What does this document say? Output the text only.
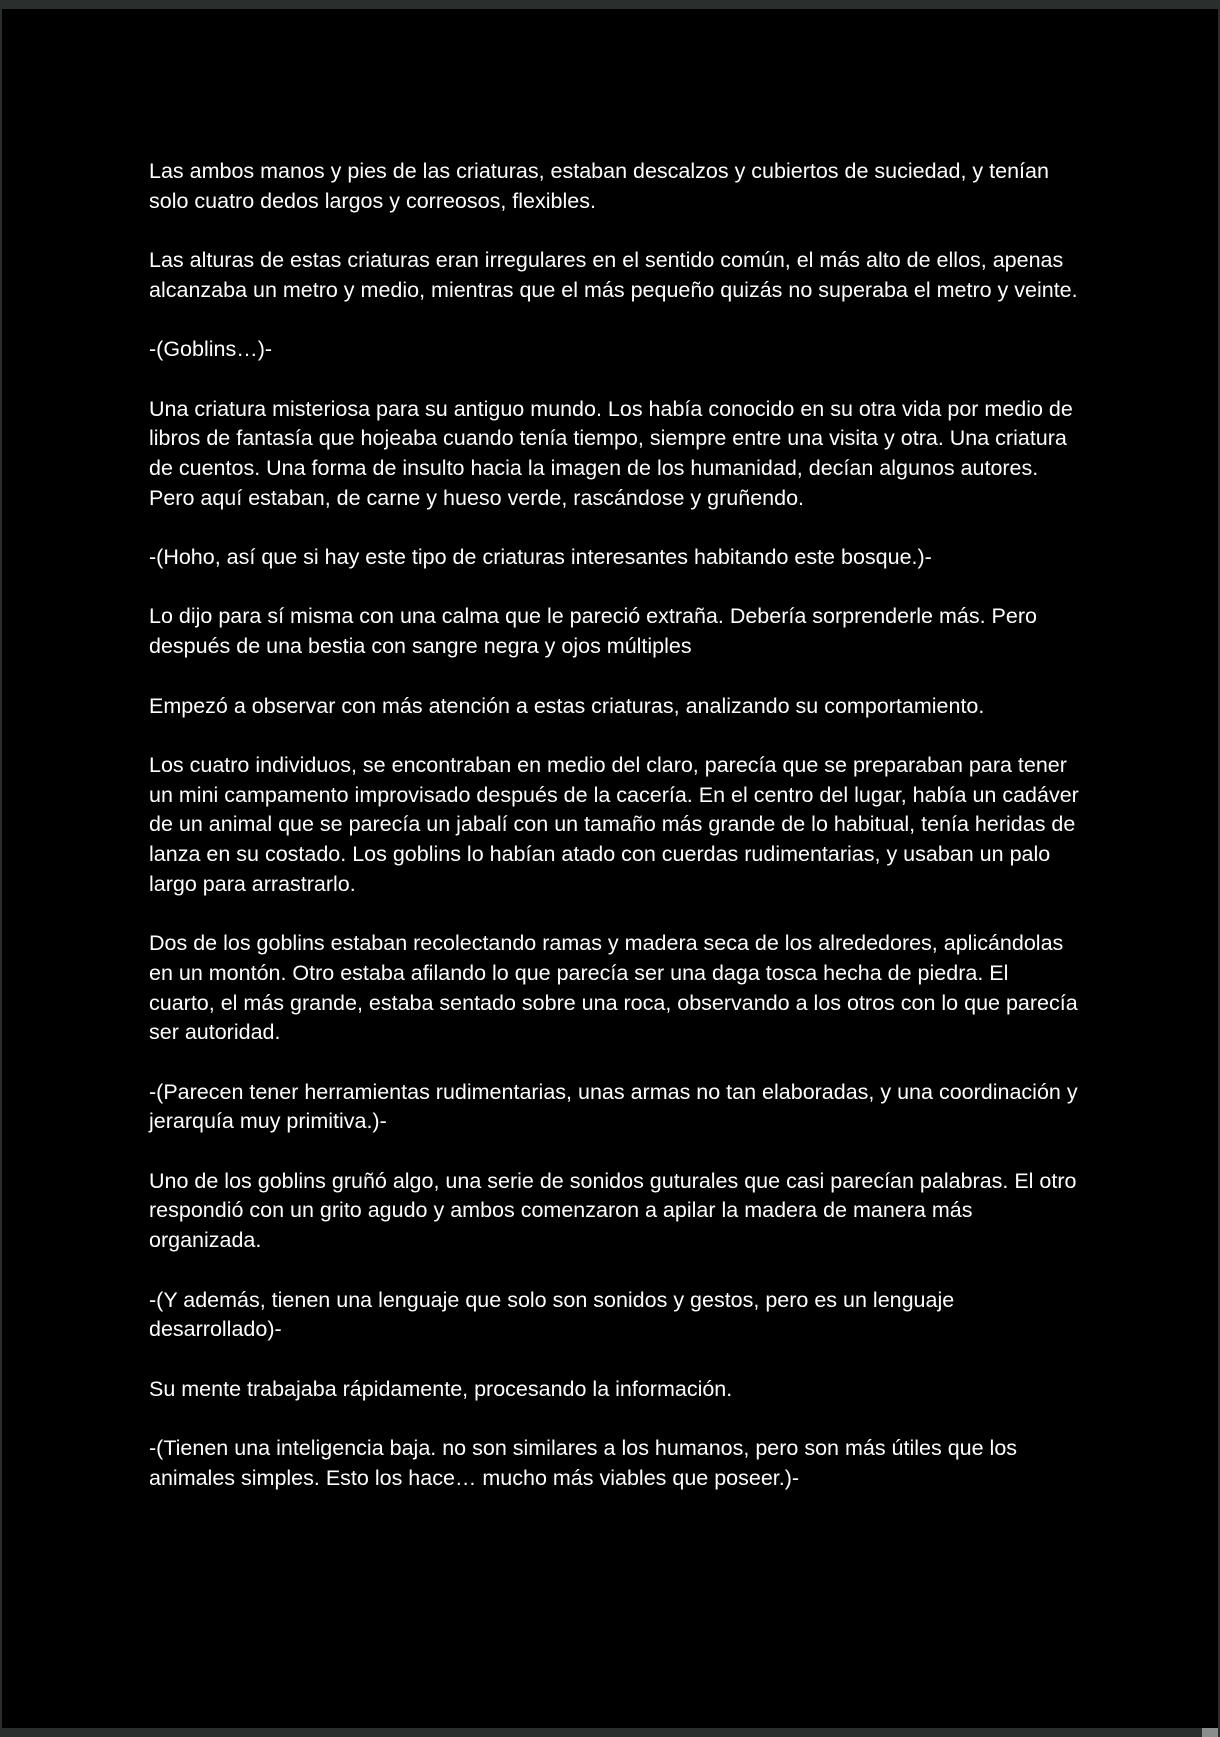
Las ambos manos y pies de las criaturas, estaban descalzos y cubiertos de suciedad, y tenían solo cuatro dedos largos y correosos, flexibles.

Las alturas de estas criaturas eran irregulares en el sentido común, el más alto de ellos, apenas alcanzaba un metro y medio, mientras que el más pequeño quizás no superaba el metro y veinte.

-(Goblins…)-

Una criatura misteriosa para su antiguo mundo. Los había conocido en su otra vida por medio de libros de fantasía que hojeaba cuando tenía tiempo, siempre entre una visita y otra. Una criatura de cuentos. Una forma de insulto hacia la imagen de los humanidad, decían algunos autores. Pero aquí estaban, de carne y hueso verde, rascándose y gruñendo.

-(Hoho, así que si hay este tipo de criaturas interesantes habitando este bosque.)-

Lo dijo para sí misma con una calma que le pareció extraña. Debería sorprenderle más. Pero después de una bestia con sangre negra y ojos múltiples

Empezó a observar con más atención a estas criaturas, analizando su comportamiento.

Los cuatro individuos, se encontraban en medio del claro, parecía que se preparaban para tener un mini campamento improvisado después de la cacería. En el centro del lugar, había un cadáver de un animal que se parecía un jabalí con un tamaño más grande de lo habitual, tenía heridas de lanza en su costado. Los goblins lo habían atado con cuerdas rudimentarias, y usaban un palo largo para arrastrarlo.

Dos de los goblins estaban recolectando ramas y madera seca de los alrededores, aplicándolas en un montón. Otro estaba afilando lo que parecía ser una daga tosca hecha de piedra. El cuarto, el más grande, estaba sentado sobre una roca, observando a los otros con lo que parecía ser autoridad.

-(Parecen tener herramientas rudimentarias, unas armas no tan elaboradas, y una coordinación y jerarquía muy primitiva.)-

Uno de los goblins gruñó algo, una serie de sonidos guturales que casi parecían palabras. El otro respondió con un grito agudo y ambos comenzaron a apilar la madera de manera más organizada.

-(Y además, tienen una lenguaje que solo son sonidos y gestos, pero es un lenguaje desarrollado)-

Su mente trabajaba rápidamente, procesando la información.

-(Tienen una inteligencia baja. no son similares a los humanos, pero son más útiles que los animales simples. Esto los hace… mucho más viables que poseer.)-
